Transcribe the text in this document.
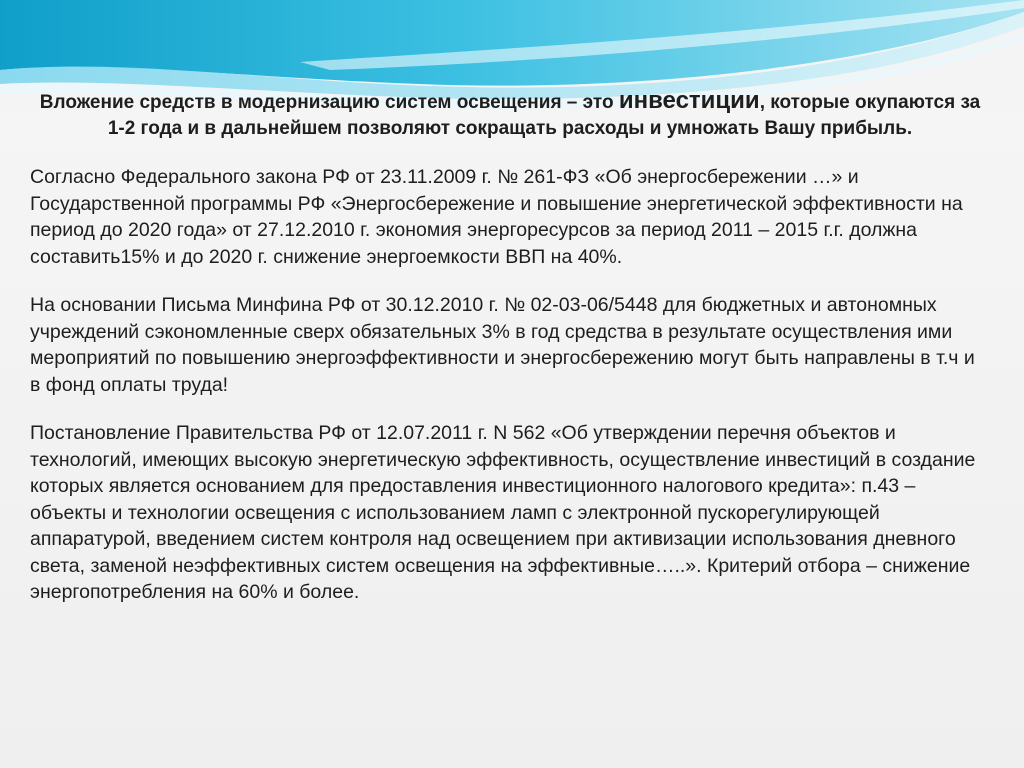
Вложение средств в модернизацию систем освещения – это инвестиции, которые окупаются за 1-2 года и в дальнейшем позволяют сокращать расходы и умножать Вашу прибыль.

Согласно Федерального закона РФ от 23.11.2009 г. № 261-ФЗ «Об энергосбережении …» и Государственной программы РФ «Энергосбережение и повышение энергетической эффективности на период до 2020 года» от 27.12.2010 г. экономия энергоресурсов за период 2011 – 2015 г.г. должна составить15% и до 2020 г. снижение энергоемкости ВВП на 40%.

На основании Письма Минфина РФ от 30.12.2010 г. № 02-03-06/5448 для бюджетных и автономных учреждений сэкономленные сверх обязательных 3% в год средства в результате осуществления ими мероприятий по повышению энергоэффективности и энергосбережению могут быть направлены в т.ч и в фонд оплаты труда!

Постановление Правительства РФ от 12.07.2011 г. N 562 «Об утверждении перечня объектов и технологий, имеющих высокую энергетическую эффективность, осуществление инвестиций в создание которых является основанием для предоставления инвестиционного налогового кредита»: п.43 – объекты и технологии освещения с использованием ламп с электронной пускорегулирующей аппаратурой, введением систем контроля над освещением при активизации использования дневного света, заменой неэффективных систем освещения на эффективные…..». Критерий отбора – снижение энергопотребления на 60% и более.
